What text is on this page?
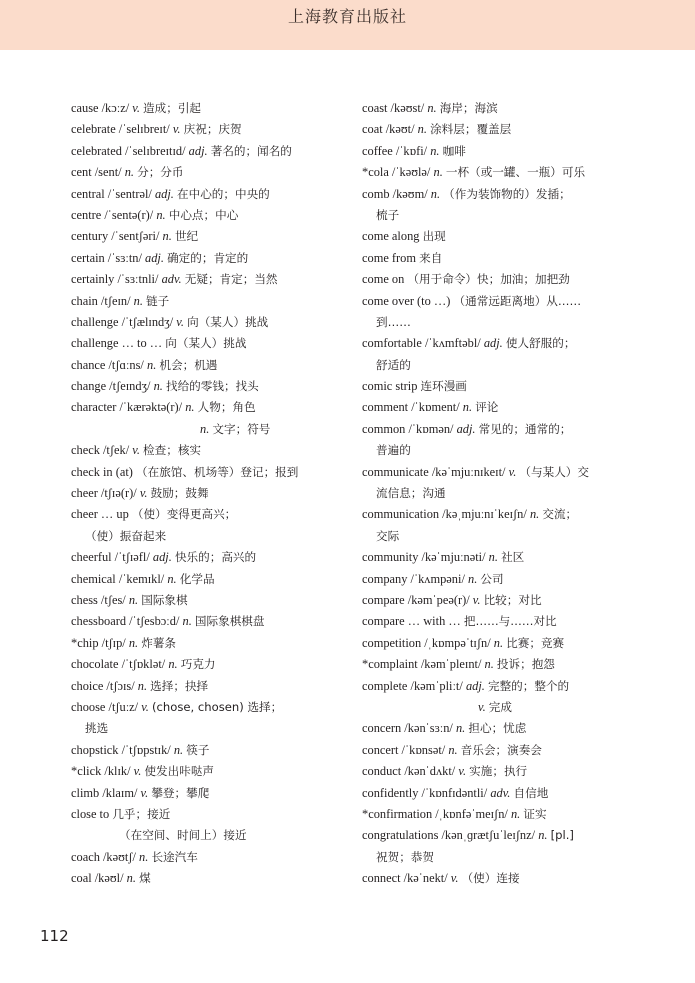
上海教育出版社
cause /kɔːz/ v. 造成；引起
celebrate /ˈselɪbreɪt/ v. 庆祝；庆贺
celebrated /ˈselɪbreɪtɪd/ adj. 著名的；闻名的
cent /sent/ n. 分；分币
central /ˈsentrəl/ adj. 在中心的；中央的
centre /ˈsentə(r)/ n. 中心点；中心
century /ˈsentʃəri/ n. 世纪
certain /ˈsɜːtn/ adj. 确定的；肯定的
certainly /ˈsɜːtnli/ adv. 无疑；肯定；当然
chain /tʃeɪn/ n. 链子
challenge /ˈtʃælɪndʒ/ v. 向（某人）挑战
challenge … to … 向（某人）挑战
chance /tʃɑːns/ n. 机会；机遇
change /tʃeɪndʒ/ n. 找给的零钱；找头
character /ˈkærəktə(r)/ n. 人物；角色
n. 文字；符号
check /tʃek/ v. 检查；核实
check in (at) （在旅馆、机场等）登记；报到
cheer /tʃɪə(r)/ v. 鼓励；鼓舞
cheer … up （使）变得更高兴；
（使）振奋起来
cheerful /ˈtʃɪəfl/ adj. 快乐的；高兴的
chemical /ˈkemɪkl/ n. 化学品
chess /tʃes/ n. 国际象棋
chessboard /ˈtʃesbɔːd/ n. 国际象棋棋盘
*chip /tʃɪp/ n. 炸薯条
chocolate /ˈtʃɒklət/ n. 巧克力
choice /tʃɔɪs/ n. 选择；抉择
choose /tʃuːz/ v. (chose, chosen) 选择；
挑选
chopstick /ˈtʃɒpstɪk/ n. 筷子
*click /klɪk/ v. 使发出咔哒声
climb /klaɪm/ v. 攀登；攀爬
close to 几乎；接近
（在空间、时间上）接近
coach /kəʊtʃ/ n. 长途汽车
coal /kəʊl/ n. 煤
coast /kəʊst/ n. 海岸；海滨
coat /kəʊt/ n. 涂料层；覆盖层
coffee /ˈkɒfi/ n. 咖啡
*cola /ˈkəʊlə/ n. 一杯（或一罐、一瓶）可乐
comb /kəʊm/ n. （作为装饰物的）发插；
梳子
come along 出现
come from 来自
come on （用于命令）快；加油；加把劲
come over (to …) （通常远距离地）从……
到……
comfortable /ˈkʌmftəbl/ adj. 使人舒服的；
舒适的
comic strip 连环漫画
comment /ˈkɒment/ n. 评论
common /ˈkɒmən/ adj. 常见的；通常的；
普遍的
communicate /kəˈmjuːnɪkeɪt/ v. （与某人）交
流信息；沟通
communication /kəˌmjuːnɪˈkeɪʃn/ n. 交流；
交际
community /kəˈmjuːnəti/ n. 社区
company /ˈkʌmpəni/ n. 公司
compare /kəmˈpeə(r)/ v. 比较；对比
compare … with … 把……与……对比
competition /ˌkɒmpəˈtɪʃn/ n. 比赛；竞赛
*complaint /kəmˈpleɪnt/ n. 投诉；抱怨
complete /kəmˈpliːt/ adj. 完整的；整个的
v. 完成
concern /kənˈsɜːn/ n. 担心；忧虑
concert /ˈkɒnsət/ n. 音乐会；演奏会
conduct /kənˈdʌkt/ v. 实施；执行
confidently /ˈkɒnfɪdəntli/ adv. 自信地
*confirmation /ˌkɒnfəˈmeɪʃn/ n. 证实
congratulations /kənˌɡrætʃuˈleɪʃnz/ n. [pl.]
祝贺；恭贺
connect /kəˈnekt/ v. （使）连接
112
